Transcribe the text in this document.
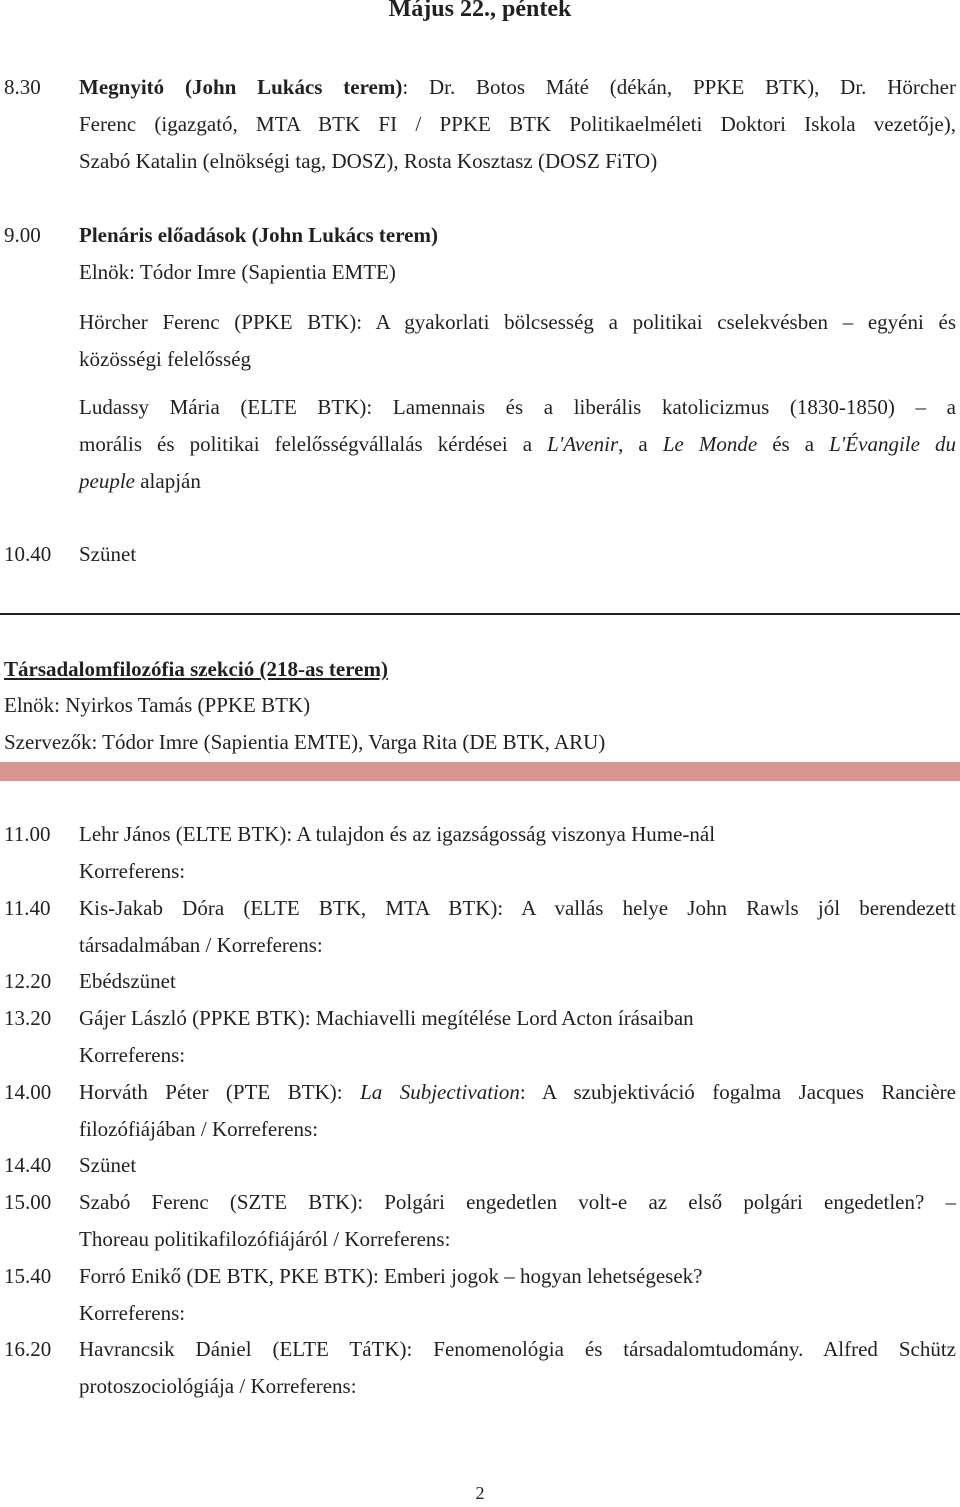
Május 22., péntek
8.30 Megnyitó (John Lukács terem): Dr. Botos Máté (dékán, PPKE BTK), Dr. Hörcher
Ferenc (igazgató, MTA BTK FI / PPKE BTK Politikaelméleti Doktori Iskola vezetője),
Szabó Katalin (elnökségi tag, DOSZ), Rosta Kosztasz (DOSZ FiTO)
9.00 Plenáris előadások (John Lukács terem)
Elnök: Tódor Imre (Sapientia EMTE)
Hörcher Ferenc (PPKE BTK): A gyakorlati bölcsesség a politikai cselekvésben – egyéni és
közösségi felelősség
Ludassy Mária (ELTE BTK): Lamennais és a liberális katolicizmus (1830-1850) – a
morális és politikai felelősségvállalás kérdései a L'Avenir, a Le Monde és a L'Évangile du
peuple alapján
10.40 Szünet
Társadalomfilozófia szekció (218-as terem)
Elnök: Nyirkos Tamás (PPKE BTK)
Szervezők: Tódor Imre (Sapientia EMTE), Varga Rita (DE BTK, ARU)
11.00 Lehr János (ELTE BTK): A tulajdon és az igazságosság viszonya Hume-nál
Korreferens:
11.40 Kis-Jakab Dóra (ELTE BTK, MTA BTK): A vallás helye John Rawls jól berendezett
társadalmában / Korreferens:
12.20 Ebédszünet
13.20 Gájer László (PPKE BTK): Machiavelli megítélése Lord Acton írásaiban
Korreferens:
14.00 Horváth Péter (PTE BTK): La Subjectivation: A szubjektiváció fogalma Jacques Rancière
filozófiájában / Korreferens:
14.40 Szünet
15.00 Szabó Ferenc (SZTE BTK): Polgári engedetlen volt-e az első polgári engedetlen? –
Thoreau politikafilozófiájáról / Korreferens:
15.40 Forró Enikő (DE BTK, PKE BTK): Emberi jogok – hogyan lehetségesek?
Korreferens:
16.20 Havrancsik Dániel (ELTE TáTK): Fenomenológia és társadalomtudomány. Alfred Schütz
protoszociológiája / Korreferens:
2
